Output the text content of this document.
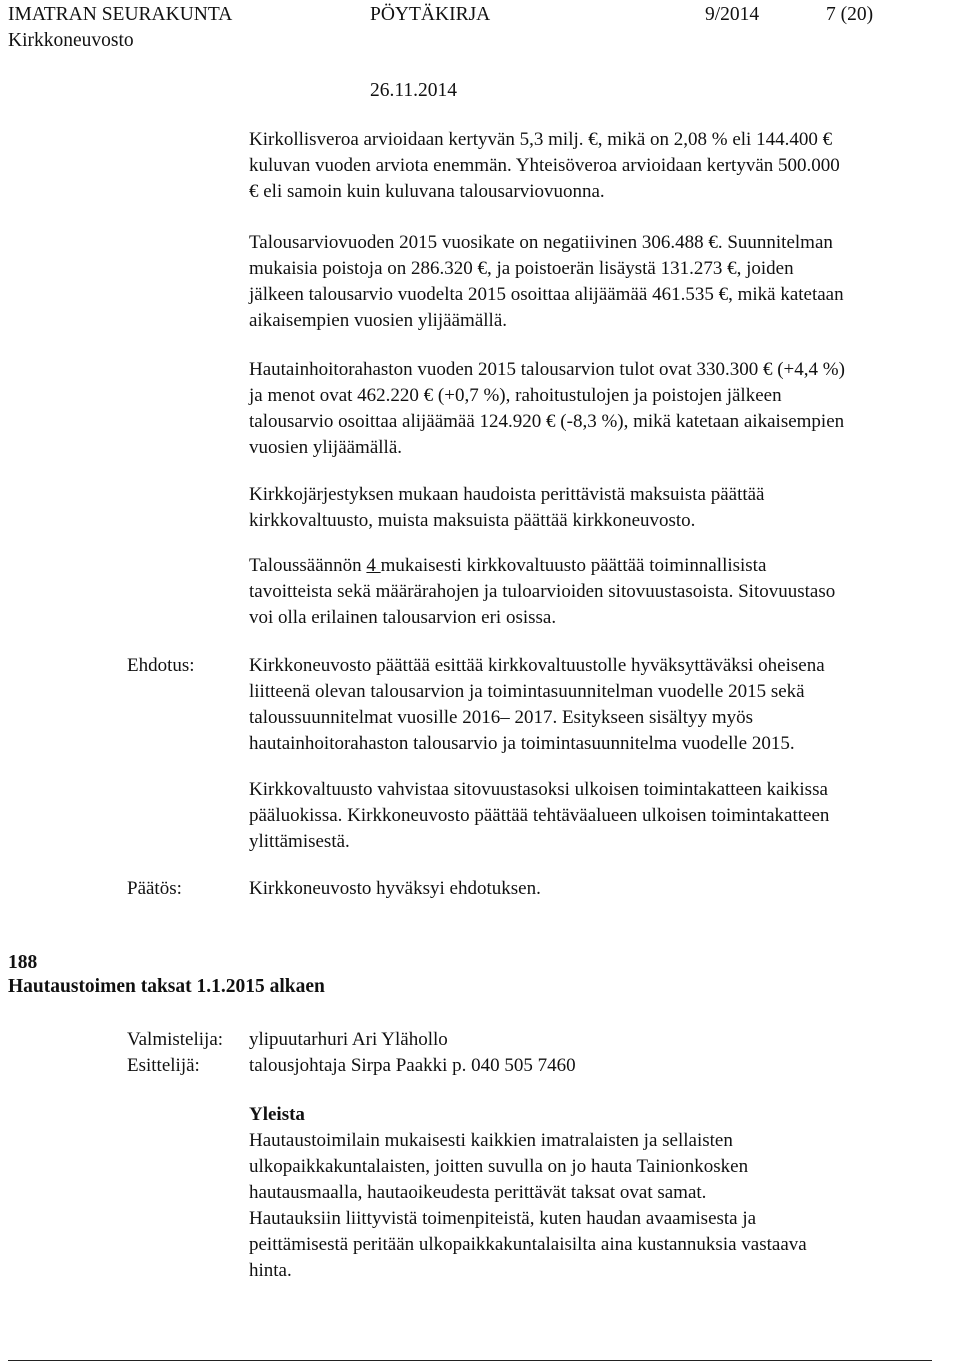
IMATRAN SEURAKUNTA	PÖYTÄKIRJA	9/2014	7 (20)
Kirkkoneuvosto
26.11.2014
Kirkollisveroa arvioidaan kertyvän 5,3 milj. €, mikä on 2,08 % eli 144.400 €
kuluvan vuoden arviota enemmän. Yhteisöveroa arvioidaan kertyvän 500.000
€ eli samoin kuin kuluvana talousarviovuonna.
Talousarviovuoden 2015 vuosikate on negatiivinen 306.488 €. Suunnitelman
mukaisia poistoja on 286.320 €, ja poistoerän lisäystä 131.273 €, joiden
jälkeen talousarvio vuodelta 2015 osoittaa alijäämää 461.535 €, mikä katetaan
aikaisempien vuosien ylijäämällä.
Hautainhoitorahaston vuoden 2015 talousarvion tulot ovat 330.300 € (+4,4 %)
ja menot ovat 462.220 € (+0,7 %), rahoitustulojen ja poistojen jälkeen
talousarvio osoittaa alijäämää 124.920 € (-8,3 %), mikä katetaan aikaisempien
vuosien ylijäämällä.
Kirkkojärjestyksen mukaan haudoista perittävistä maksuista päättää
kirkkovaltuusto, muista maksuista päättää kirkkoneuvosto.
Taloussäännön 4 mukaisesti kirkkovaltuusto päättää toiminnallisista
tavoitteista sekä määrärahojen ja tuloarvioiden sitovuustasoista. Sitovuustaso
voi olla erilainen talousarvion eri osissa.
Ehdotus:	Kirkkoneuvosto päättää esittää kirkkovaltuustolle hyväksyttäväksi oheisena
liitteenä olevan talousarvion ja toimintasuunnitelman vuodelle 2015 sekä
taloussuunnitelmat vuosille 2016– 2017. Esitykseen sisältyy myös
hautainhoitorahaston talousarvio ja toimintasuunnitelma vuodelle 2015.
Kirkkovaltuusto vahvistaa sitovuustasoksi ulkoisen toimintakatteen kaikissa
pääluokissa. Kirkkoneuvosto päättää tehtäväalueen ulkoisen toimintakatteen
ylittämisestä.
Päätös:	Kirkkoneuvosto hyväksyi ehdotuksen.
188
Hautaustoimen taksat 1.1.2015 alkaen
Valmistelija: ylipuutarhuri Ari Ylähollo
Esittelijä:	talousjohtaja Sirpa Paakki p. 040 505 7460
Yleista
Hautaustoimilain mukaisesti kaikkien imatralaisten ja sellaisten
ulkopaikkakuntalaisten, joitten suvulla on jo hauta Tainionkosken
hautausmaalla, hautaoikeudesta perittävät taksat ovat samat.
Hautauksiin liittyvistä toimenpiteistä, kuten haudan avaamisesta ja
peittämisestä peritään ulkopaikkakuntalaisilta aina kustannuksia vastaava
hinta.
